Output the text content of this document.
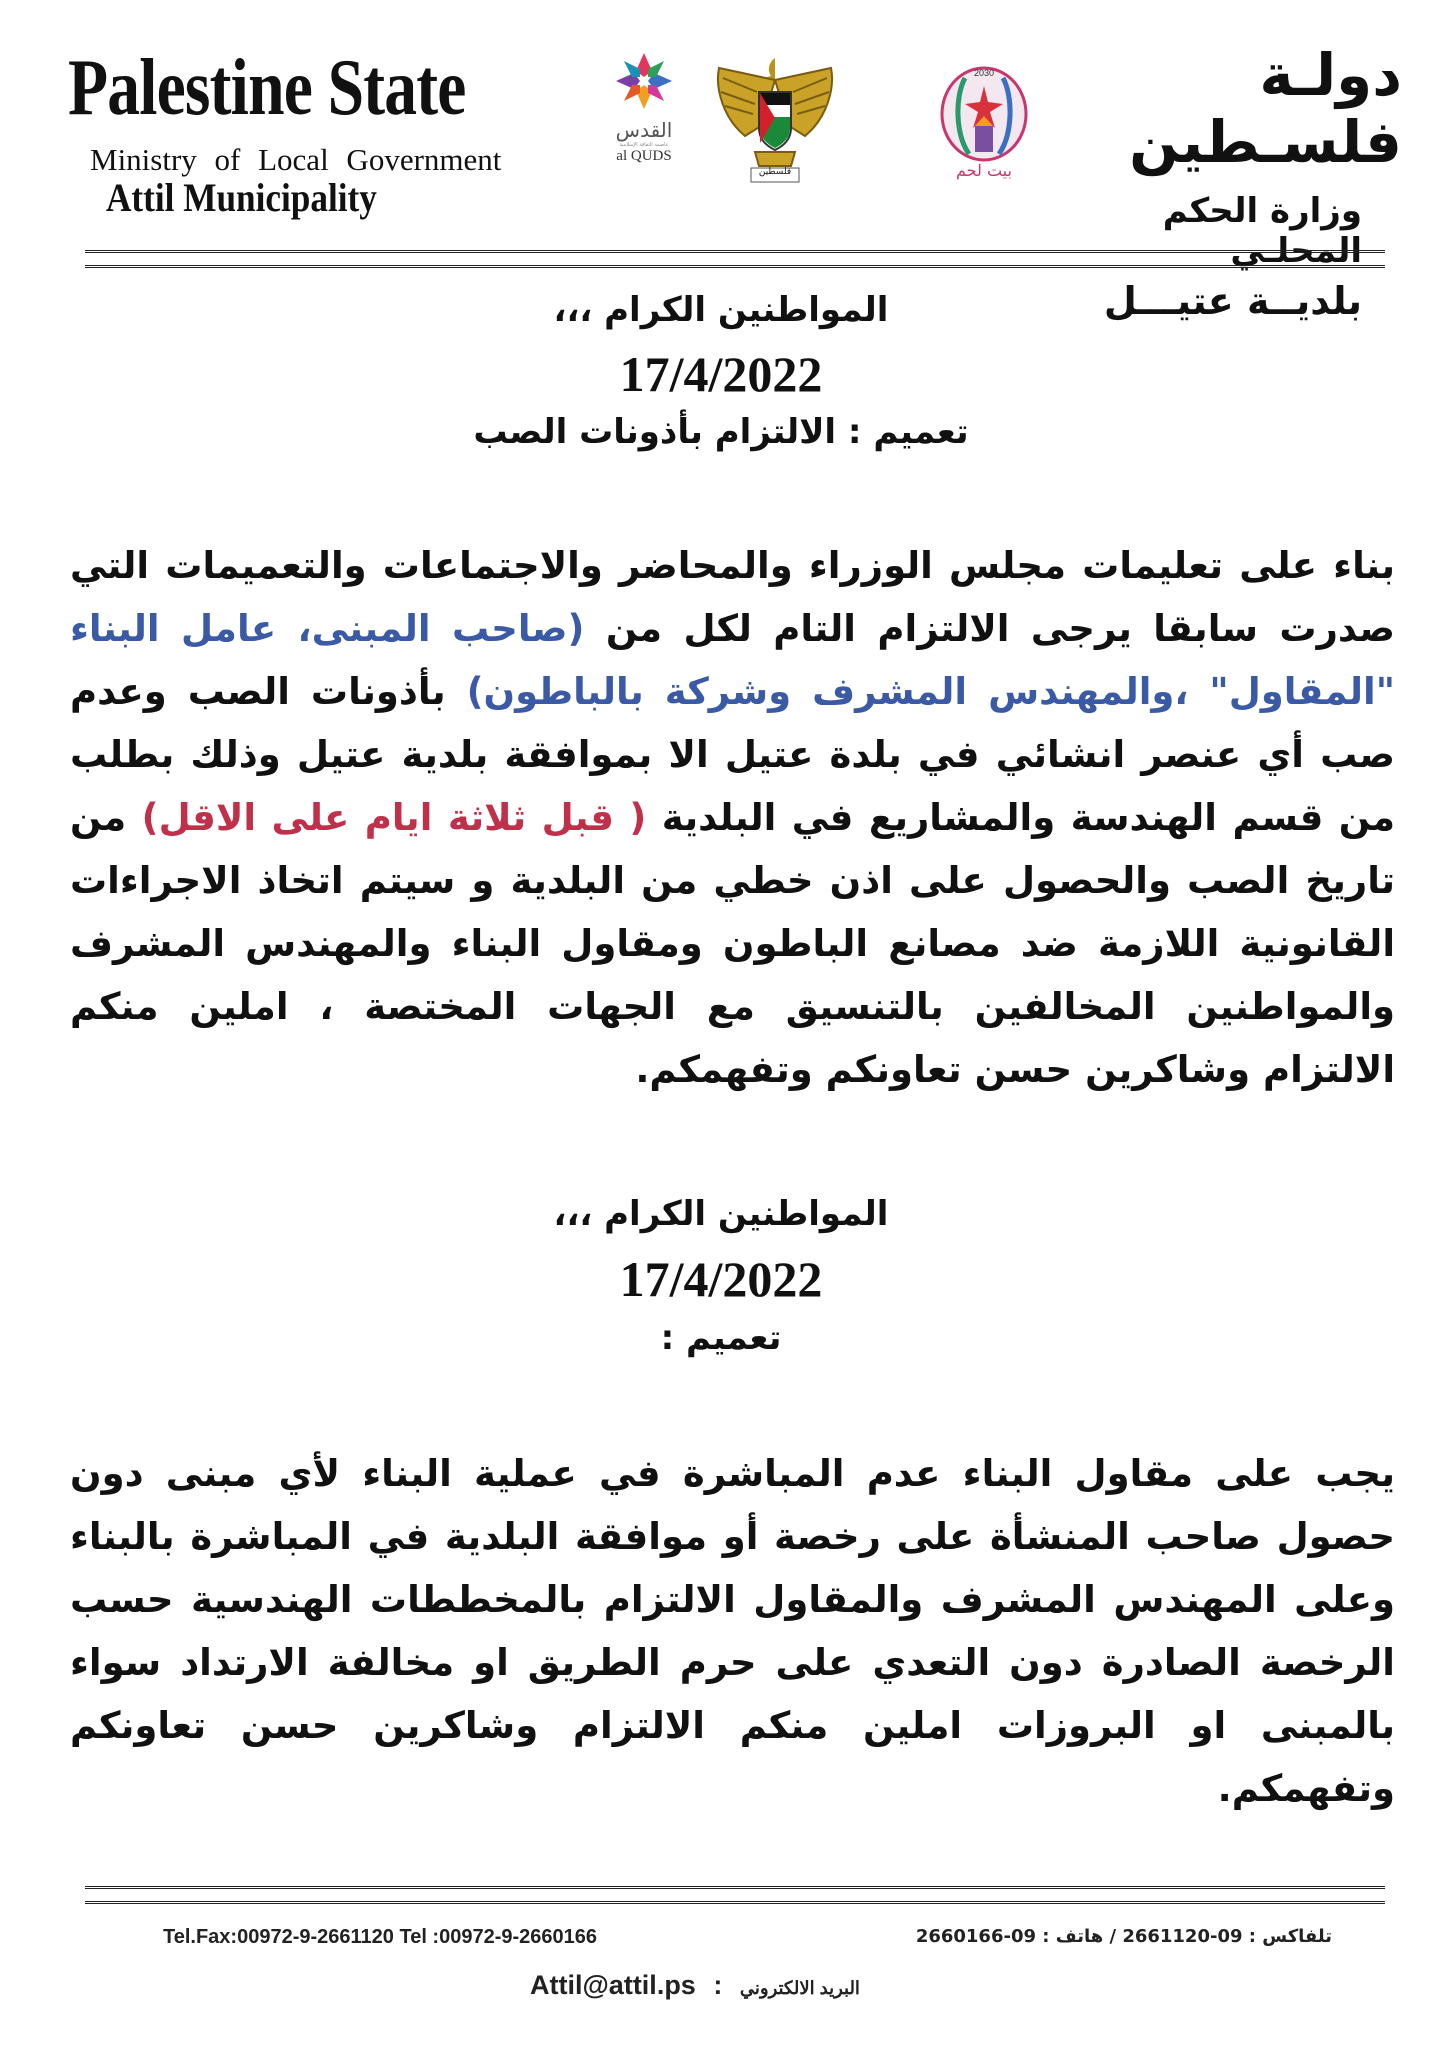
Palestine State
Ministry of Local Government
Attil Municipality
القدس
عاصمة الثقافة الإسلامية
al QUDS
فلسطين
2030
بيت لحم
دولـة فلسـطين
وزارة الحكم المحلـي
بلديــة عتيـــل
المواطنين الكرام ،،،
17/4/2022
تعميم : الالتزام بأذونات الصب

بناء على تعليمات مجلس الوزراء والمحاضر والاجتماعات والتعميمات التي صدرت سابقا يرجى الالتزام التام لكل من (صاحب المبنى، عامل البناء "المقاول" ،والمهندس المشرف وشركة بالباطون) بأذونات الصب وعدم صب أي عنصر انشائي في بلدة عتيل الا بموافقة بلدية عتيل وذلك بطلب من قسم الهندسة والمشاريع في البلدية ( قبل ثلاثة ايام على الاقل) من تاريخ الصب والحصول على اذن خطي من البلدية و سيتم اتخاذ الاجراءات القانونية اللازمة ضد مصانع الباطون ومقاول البناء والمهندس المشرف والمواطنين المخالفين بالتنسيق مع الجهات المختصة ، املين منكم الالتزام وشاكرين حسن تعاونكم وتفهمكم.

المواطنين الكرام ،،،
17/4/2022
تعميم :

يجب على مقاول البناء عدم المباشرة في عملية البناء لأي مبنى دون حصول صاحب المنشأة على رخصة أو موافقة البلدية في المباشرة بالبناء وعلى المهندس المشرف والمقاول الالتزام بالمخططات الهندسية حسب الرخصة الصادرة دون التعدي على حرم الطريق او مخالفة الارتداد سواء بالمبنى او البروزات املين منكم الالتزام وشاكرين حسن تعاونكم وتفهمكم.

Tel.Fax:00972-9-2661120 Tel :00972-9-2660166	تلفاكس : 09-2661120 / هاتف : 09-2660166
Attil@attil.ps : البريد الالكتروني
